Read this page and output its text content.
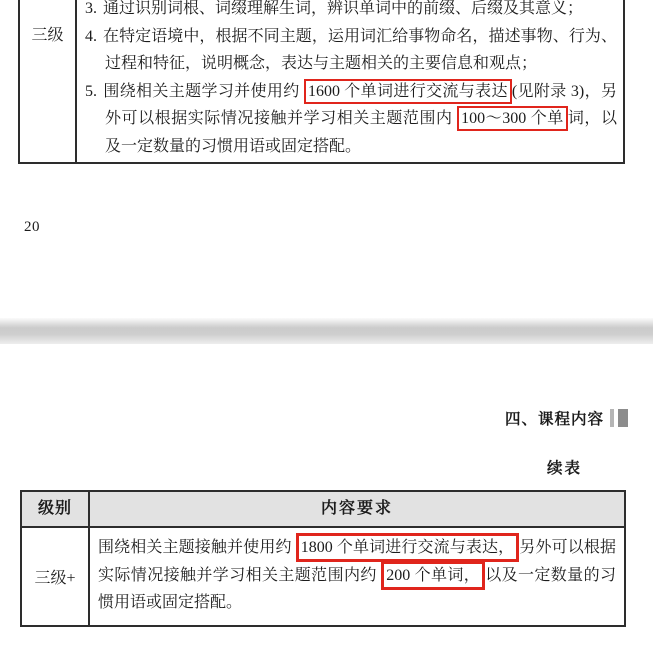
三级
3. 通过识别词根、词缀理解生词，辨识单词中的前缀、后缀及其意义；
4. 在特定语境中，根据不同主题，运用词汇给事物命名，描述事物、行为、过程和特征，说明概念，表达与主题相关的主要信息和观点；
5. 围绕相关主题学习并使用约 1600 个单词进行交流与表达 (见附录 3)，另外可以根据实际情况接触并学习相关主题范围内 100～300 个单 词，以及一定数量的习惯用语或固定搭配。
20
四、课程内容
续表
级别	内容要求
三级+
围绕相关主题接触并使用约 1800 个单词进行交流与表达， 另外可以根据实际情况接触并学习相关主题范围内约 200 个单词， 以及一定数量的习惯用语或固定搭配。
